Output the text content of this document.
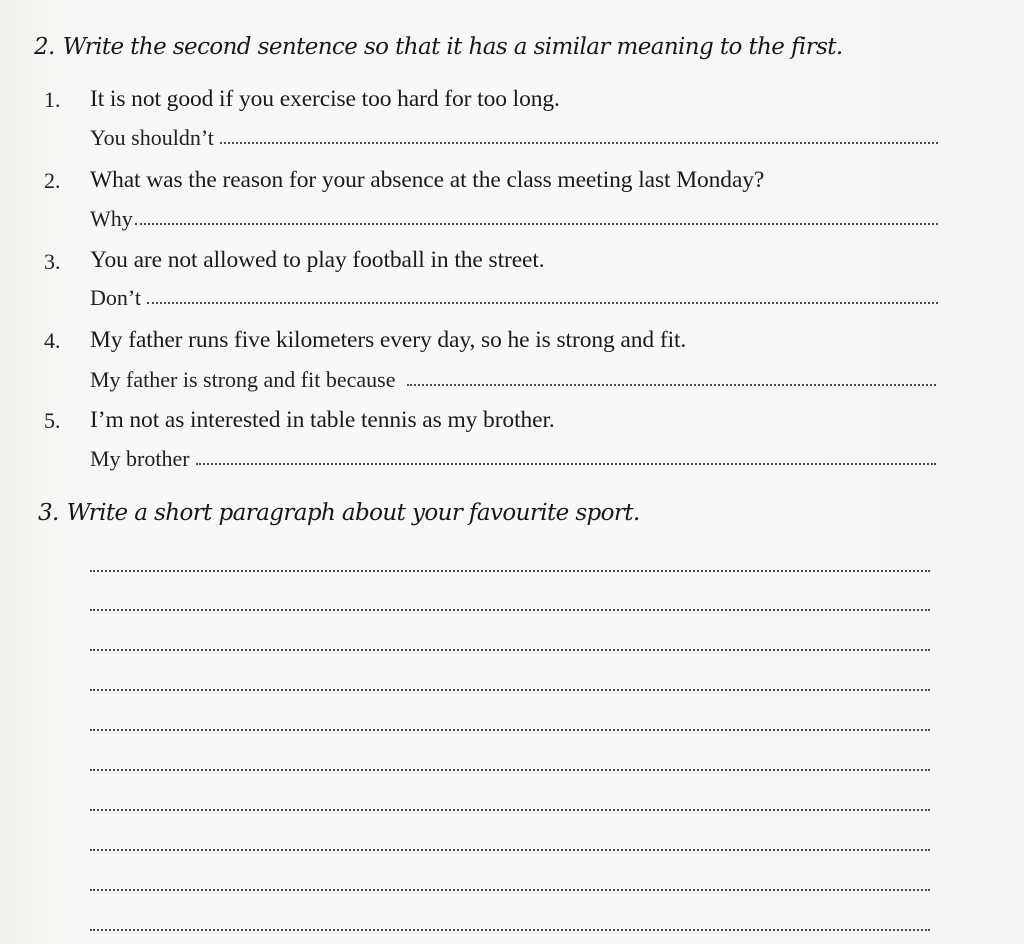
2. Write the second sentence so that it has a similar meaning to the first.
1. It is not good if you exercise too hard for too long.
You shouldn’t
2. What was the reason for your absence at the class meeting last Monday?
Why
3. You are not allowed to play football in the street.
Don’t
4. My father runs five kilometers every day, so he is strong and fit.
My father is strong and fit because
5. I’m not as interested in table tennis as my brother.
My brother
3. Write a short paragraph about your favourite sport.
